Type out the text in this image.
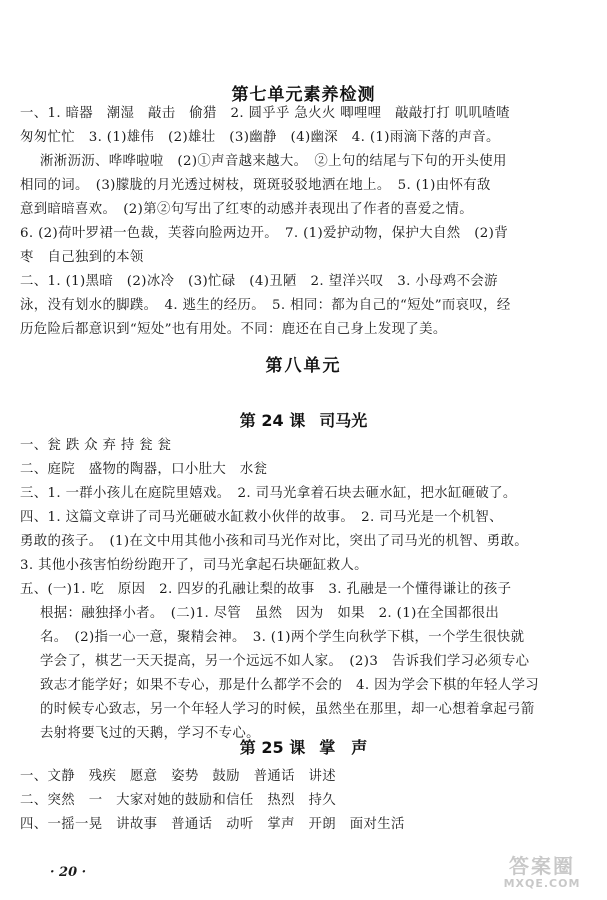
第七单元素养检测
一、1. 暗器　潮湿　敲击　偷猎　2. 圆乎乎 急火火 唧哩哩　敲敲打打 叽叽喳喳
匆匆忙忙　3. (1)雄伟　(2)雄壮　(3)幽静　(4)幽深　4. (1)雨滴下落的声音。
淅淅沥沥、哗哗啦啦　(2)①声音越来越大。　②上句的结尾与下句的开头使用
相同的词。　(3)朦胧的月光透过树枝，斑斑驳驳地洒在地上。　5. (1)由怀有敌
意到暗暗喜欢。　(2)第②句写出了红枣的动感并表现出了作者的喜爱之情。
6. (2)荷叶罗裙一色裁，芙蓉向脸两边开。　7. (1)爱护动物，保护大自然　(2)背
枣　自己独到的本领
二、1. (1)黑暗　(2)冰冷　(3)忙碌　(4)丑陋　2. 望洋兴叹　3. 小母鸡不会游
泳，没有划水的脚蹼。　4. 逃生的经历。　5. 相同：都为自己的“短处”而哀叹，经
历危险后都意识到“短处”也有用处。不同：鹿还在自己身上发现了美。
第八单元
第 24 课 司马光
一、瓮 跌 众 弃 持 瓮 瓮
二、庭院　盛物的陶器，口小肚大　水瓮
三、1. 一群小孩儿在庭院里嬉戏。　2. 司马光拿着石块去砸水缸，把水缸砸破了。
四、1. 这篇文章讲了司马光砸破水缸救小伙伴的故事。　2. 司马光是一个机智、
勇敢的孩子。　(1)在文中用其他小孩和司马光作对比，突出了司马光的机智、勇敢。
3. 其他小孩害怕纷纷跑开了，司马光拿起石块砸缸救人。
五、(一)1. 吃　原因　2. 四岁的孔融让梨的故事　3. 孔融是一个懂得谦让的孩子
根据：融独择小者。　(二)1. 尽管　虽然　因为　如果　2. (1)在全国都很出
名。　(2)指一心一意，聚精会神。　3. (1)两个学生向秋学下棋，一个学生很快就
学会了，棋艺一天天提高，另一个远远不如人家。　(2)3　告诉我们学习必须专心
致志才能学好；如果不专心，那是什么都学不会的　4. 因为学会下棋的年轻人学习
的时候专心致志，另一个年轻人学习的时候，虽然坐在那里，却一心想着拿起弓箭
去射将要飞过的天鹅，学习不专心。
第 25 课 掌　声
一、文静　残疾　愿意　姿势　鼓励　普通话　讲述
二、突然　一　大家对她的鼓励和信任　热烈　持久
四、一摇一晃　讲故事　普通话　动听　掌声　开朗　面对生活
· 20 ·	答案圈
MXQE.COM
